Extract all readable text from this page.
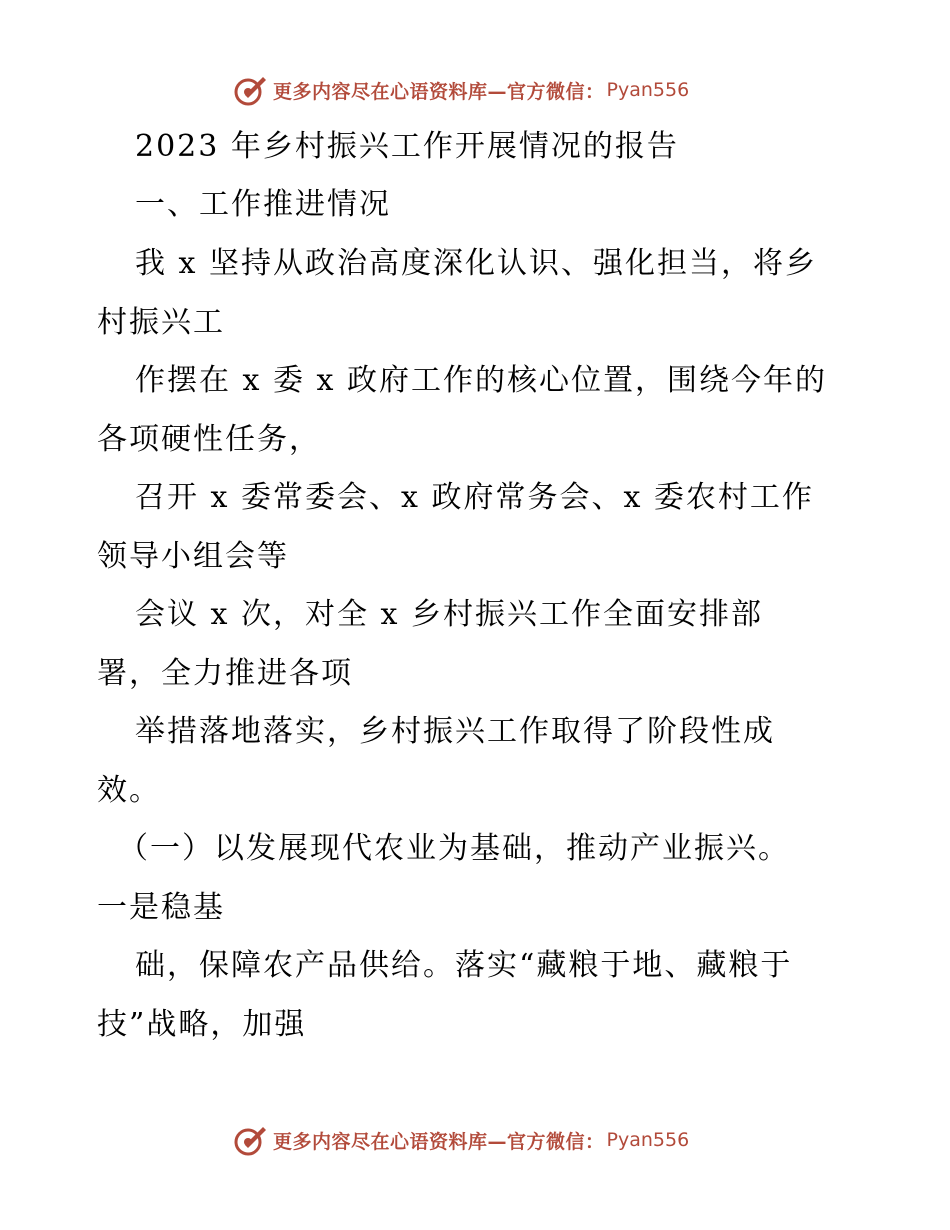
更多内容尽在心语资料库—官方微信： Pyan556
2023 年乡村振兴工作开展情况的报告
一、工作推进情况
我 x 坚持从政治高度深化认识、强化担当，将乡
村振兴工
作摆在 x 委 x 政府工作的核心位置，围绕今年的
各项硬性任务，
召开 x 委常委会、x 政府常务会、x 委农村工作
领导小组会等
会议 x 次，对全 x 乡村振兴工作全面安排部
署，全力推进各项
举措落地落实，乡村振兴工作取得了阶段性成
效。
（一）以发展现代农业为基础，推动产业振兴。
一是稳基
础，保障农产品供给。落实“藏粮于地、藏粮于
技”战略，加强
更多内容尽在心语资料库—官方微信： Pyan556
